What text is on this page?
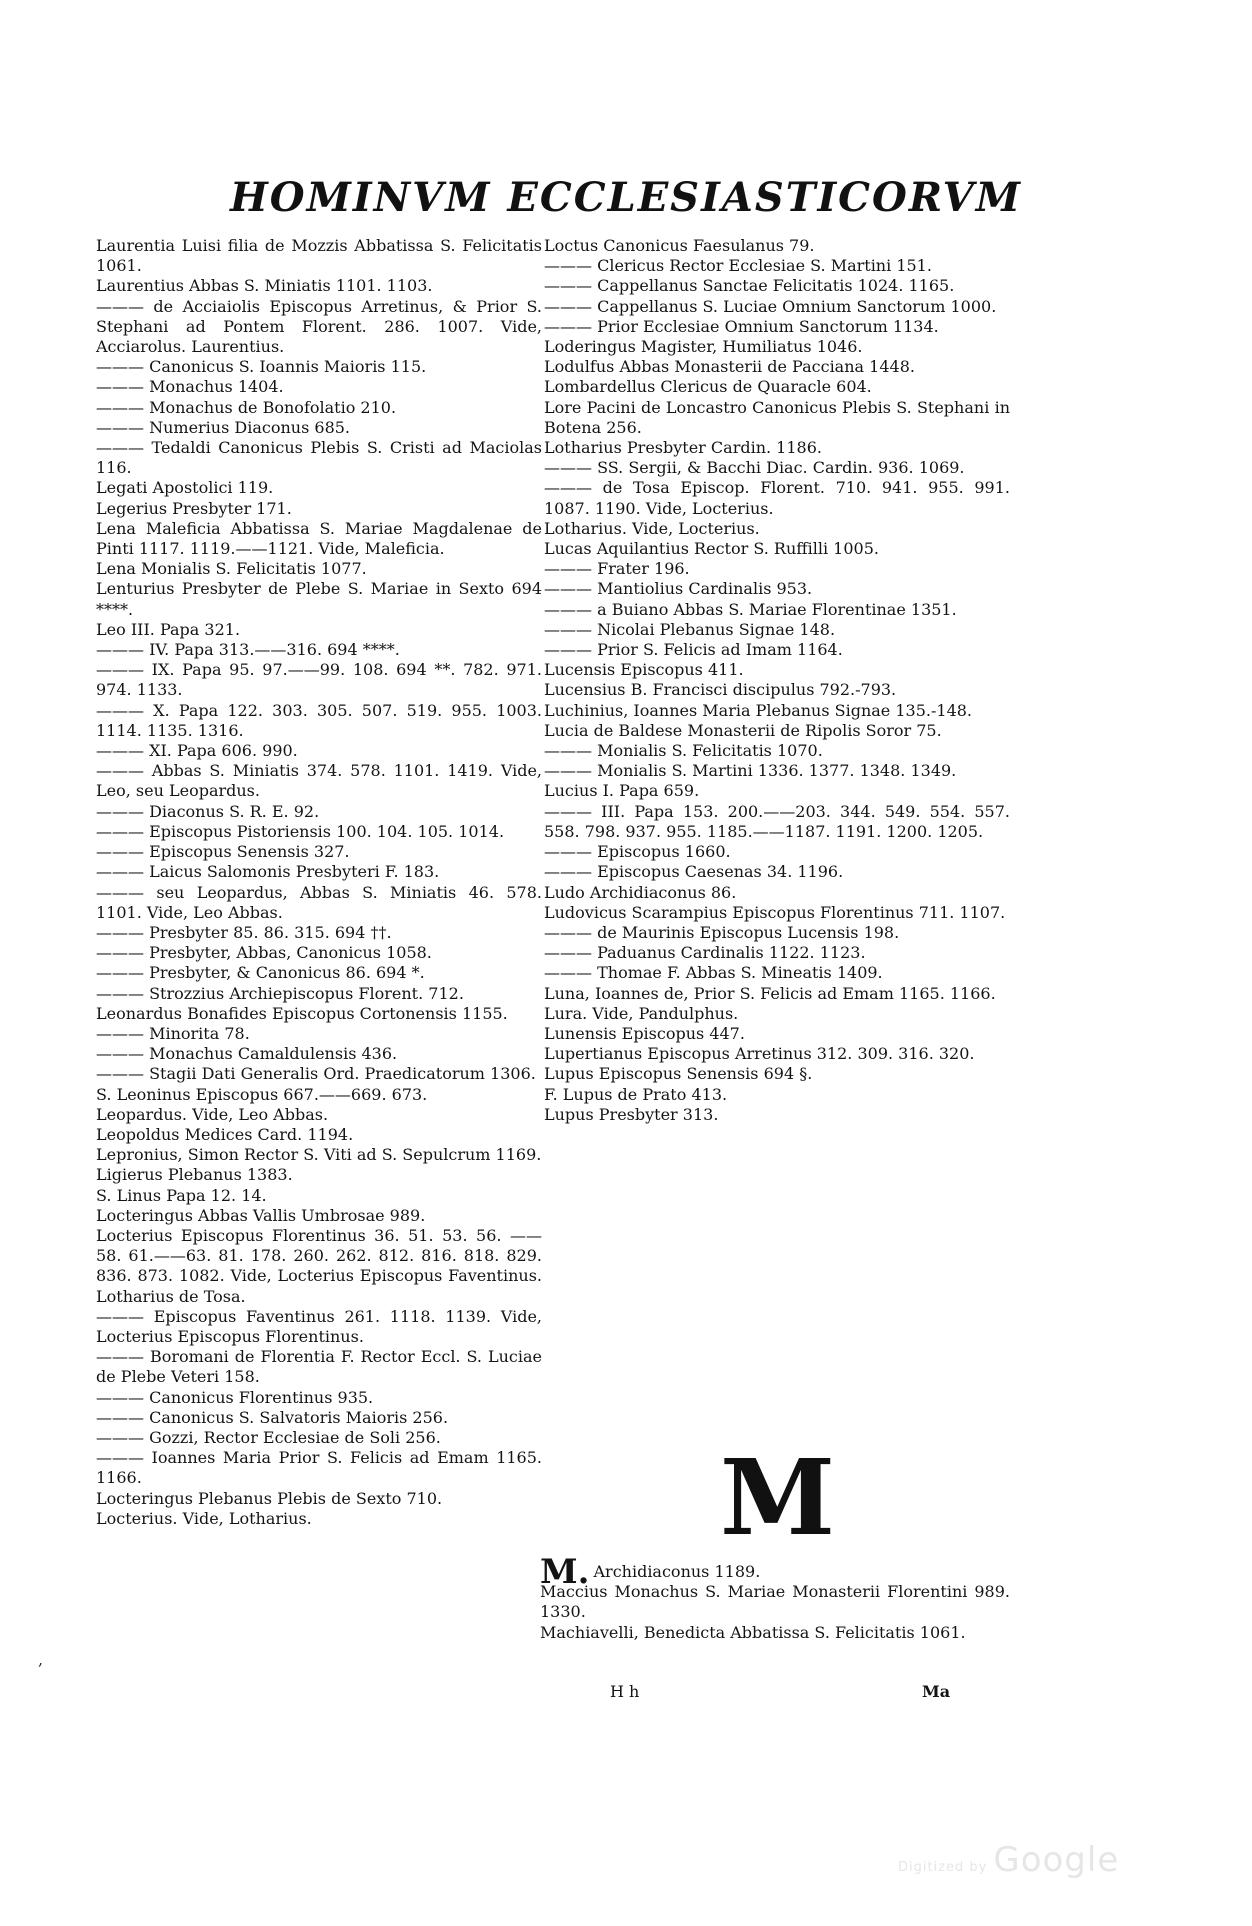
HOMINVM ECCLESIASTICORVM

Laurentia Luisi filia de Mozzis Abbatissa S. Felicitatis 1061.

Laurentius Abbas S. Miniatis 1101. 1103.

——— de Acciaiolis Episcopus Arretinus, & Prior S. Stephani ad Pontem Florent. 286. 1007. Vide, Acciarolus. Laurentius.

——— Canonicus S. Ioannis Maioris 115.

——— Monachus 1404.

——— Monachus de Bonofolatio 210.

——— Numerius Diaconus 685.

——— Tedaldi Canonicus Plebis S. Cristi ad Maciolas 116.

Legati Apostolici 119.

Legerius Presbyter 171.

Lena Maleficia Abbatissa S. Mariae Magdalenae de Pinti 1117. 1119.——1121. Vide, Maleficia.

Lena Monialis S. Felicitatis 1077.

Lenturius Presbyter de Plebe S. Mariae in Sexto 694 ****.

Leo III. Papa 321.

——— IV. Papa 313.——316. 694 ****.

——— IX. Papa 95. 97.——99. 108. 694 **. 782. 971. 974. 1133.

——— X. Papa 122. 303. 305. 507. 519. 955. 1003. 1114. 1135. 1316.

——— XI. Papa 606. 990.

——— Abbas S. Miniatis 374. 578. 1101. 1419. Vide, Leo, seu Leopardus.

——— Diaconus S. R. E. 92.

——— Episcopus Pistoriensis 100. 104. 105. 1014.

——— Episcopus Senensis 327.

——— Laicus Salomonis Presbyteri F. 183.

——— seu Leopardus, Abbas S. Miniatis 46. 578. 1101. Vide, Leo Abbas.

——— Presbyter 85. 86. 315. 694 ††.

——— Presbyter, Abbas, Canonicus 1058.

——— Presbyter, & Canonicus 86. 694 *.

——— Strozzius Archiepiscopus Florent. 712.

Leonardus Bonafides Episcopus Cortonensis 1155.

——— Minorita 78.

——— Monachus Camaldulensis 436.

——— Stagii Dati Generalis Ord. Praedicatorum 1306.

S. Leoninus Episcopus 667.——669. 673.

Leopardus. Vide, Leo Abbas.

Leopoldus Medices Card. 1194.

Lepronius, Simon Rector S. Viti ad S. Sepulcrum 1169.

Ligierus Plebanus 1383.

S. Linus Papa 12. 14.

Locteringus Abbas Vallis Umbrosae 989.

Locterius Episcopus Florentinus 36. 51. 53. 56. ——58. 61.——63. 81. 178. 260. 262. 812. 816. 818. 829. 836. 873. 1082. Vide, Locterius Episcopus Faventinus. Lotharius de Tosa.

——— Episcopus Faventinus 261. 1118. 1139. Vide, Locterius Episcopus Florentinus.

——— Boromani de Florentia F. Rector Eccl. S. Luciae de Plebe Veteri 158.

——— Canonicus Florentinus 935.

——— Canonicus S. Salvatoris Maioris 256.

——— Gozzi, Rector Ecclesiae de Soli 256.

——— Ioannes Maria Prior S. Felicis ad Emam 1165. 1166.

Locteringus Plebanus Plebis de Sexto 710.

Locterius. Vide, Lotharius.

Loctus Canonicus Faesulanus 79.

——— Clericus Rector Ecclesiae S. Martini 151.

——— Cappellanus Sanctae Felicitatis 1024. 1165.

——— Cappellanus S. Luciae Omnium Sanctorum 1000.

——— Prior Ecclesiae Omnium Sanctorum 1134.

Loderingus Magister, Humiliatus 1046.

Lodulfus Abbas Monasterii de Pacciana 1448.

Lombardellus Clericus de Quaracle 604.

Lore Pacini de Loncastro Canonicus Plebis S. Stephani in Botena 256.

Lotharius Presbyter Cardin. 1186.

——— SS. Sergii, & Bacchi Diac. Cardin. 936. 1069.

——— de Tosa Episcop. Florent. 710. 941. 955. 991. 1087. 1190. Vide, Locterius.

Lotharius. Vide, Locterius.

Lucas Aquilantius Rector S. Ruffilli 1005.

——— Frater 196.

——— Mantiolius Cardinalis 953.

——— a Buiano Abbas S. Mariae Florentinae 1351.

——— Nicolai Plebanus Signae 148.

——— Prior S. Felicis ad Imam 1164.

Lucensis Episcopus 411.

Lucensius B. Francisci discipulus 792.-793.

Luchinius, Ioannes Maria Plebanus Signae 135.-148.

Lucia de Baldese Monasterii de Ripolis Soror 75.

——— Monialis S. Felicitatis 1070.

——— Monialis S. Martini 1336. 1377. 1348. 1349.

Lucius I. Papa 659.

——— III. Papa 153. 200.——203. 344. 549. 554. 557. 558. 798. 937. 955. 1185.——1187. 1191. 1200. 1205.

——— Episcopus 1660.

——— Episcopus Caesenas 34. 1196.

Ludo Archidiaconus 86.

Ludovicus Scarampius Episcopus Florentinus 711. 1107.

——— de Maurinis Episcopus Lucensis 198.

——— Paduanus Cardinalis 1122. 1123.

——— Thomae F. Abbas S. Mineatis 1409.

Luna, Ioannes de, Prior S. Felicis ad Emam 1165. 1166.

Lura. Vide, Pandulphus.

Lunensis Episcopus 447.

Lupertianus Episcopus Arretinus 312. 309. 316. 320.

Lupus Episcopus Senensis 694 §.

F. Lupus de Prato 413.

Lupus Presbyter 313.

M

M. Archidiaconus 1189.

Maccius Monachus S. Mariae Monasterii Florentini 989. 1330.

Machiavelli, Benedicta Abbatissa S. Felicitatis 1061.

,
H h	Ma
Digitized by Google
